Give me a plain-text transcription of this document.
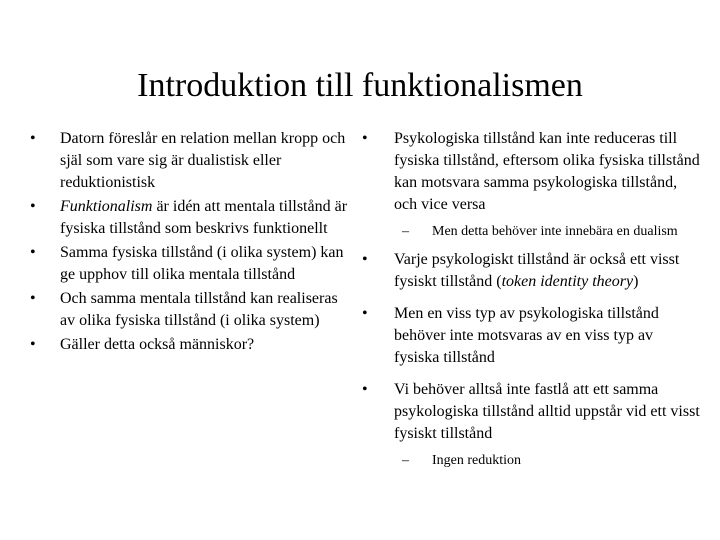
Introduktion till funktionalismen
• Datorn föreslår en relation mellan kropp och själ som vare sig är dualistisk eller reduktionistisk
• Funktionalism är idén att mentala tillstånd är fysiska tillstånd som beskrivs funktionellt
• Samma fysiska tillstånd (i olika system) kan ge upphov till olika mentala tillstånd
• Och samma mentala tillstånd kan realiseras av olika fysiska tillstånd (i olika system)
• Gäller detta också människor?
• Psykologiska tillstånd kan inte reduceras till fysiska tillstånd, eftersom olika fysiska tillstånd kan motsvara samma psykologiska tillstånd, och vice versa
– Men detta behöver inte innebära en dualism
• Varje psykologiskt tillstånd är också ett visst fysiskt tillstånd (token identity theory)
• Men en viss typ av psykologiska tillstånd behöver inte motsvaras av en viss typ av fysiska tillstånd
• Vi behöver alltså inte fastlå att ett samma psykologiska tillstånd alltid uppstår vid ett visst fysiskt tillstånd
– Ingen reduktion
